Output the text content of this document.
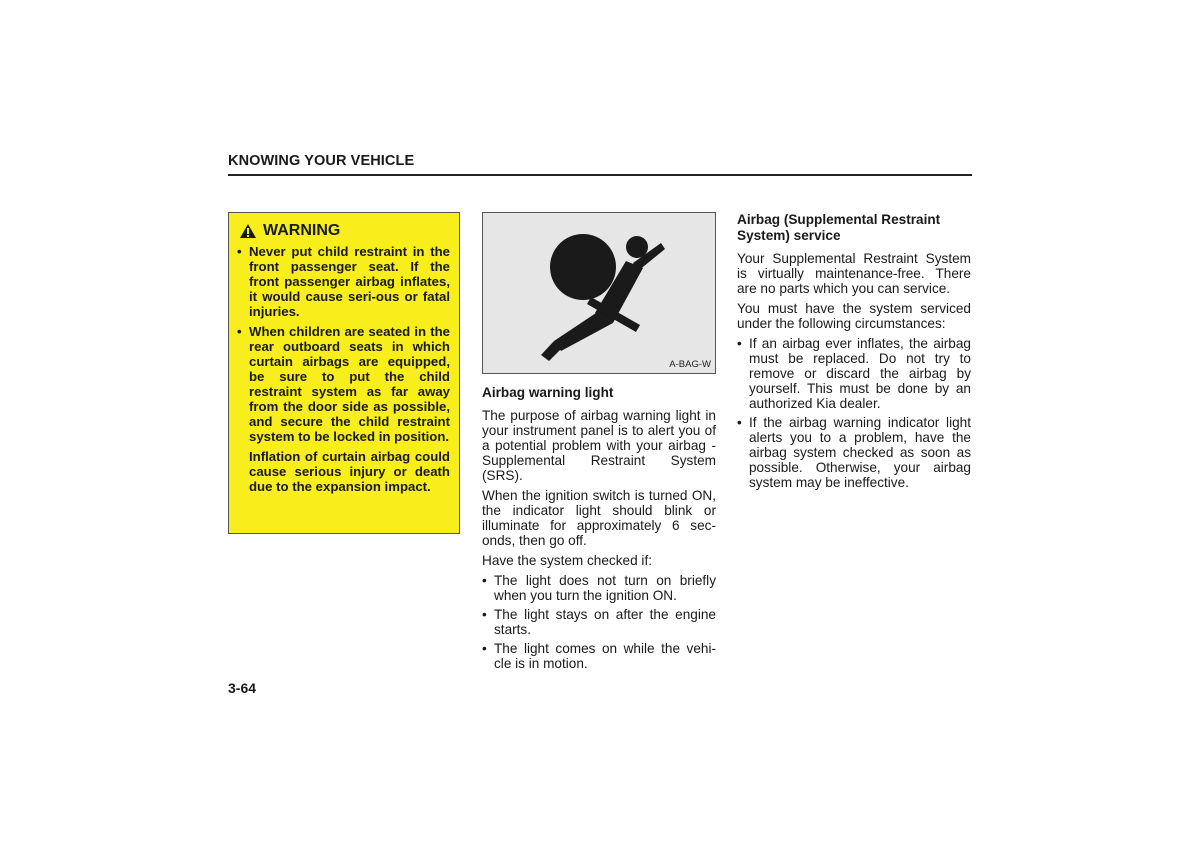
KNOWING YOUR VEHICLE
WARNING
• Never put child restraint in the front passenger seat. If the front passenger airbag inflates, it would cause seri-ous or fatal injuries.
• When children are seated in the rear outboard seats in which curtain airbags are equipped, be sure to put the child restraint system as far away from the door side as possible, and secure the child restraint system to be locked in position.
Inflation of curtain airbag could cause serious injury or death due to the expansion impact.
A-BAG-W

Airbag warning light

The purpose of airbag warning light in your instrument panel is to alert you of a potential problem with your airbag - Supplemental Restraint System (SRS).

When the ignition switch is turned ON, the indicator light should blink or illuminate for approximately 6 sec-onds, then go off.

Have the system checked if:

• The light does not turn on briefly when you turn the ignition ON.
• The light stays on after the engine starts.
• The light comes on while the vehi-cle is in motion.

Airbag (Supplemental Restraint System) service

Your Supplemental Restraint System is virtually maintenance-free. There are no parts which you can service.

You must have the system serviced under the following circumstances:

• If an airbag ever inflates, the airbag must be replaced. Do not try to remove or discard the airbag by yourself. This must be done by an authorized Kia dealer.
• If the airbag warning indicator light alerts you to a problem, have the airbag system checked as soon as possible. Otherwise, your airbag system may be ineffective.
3-64
